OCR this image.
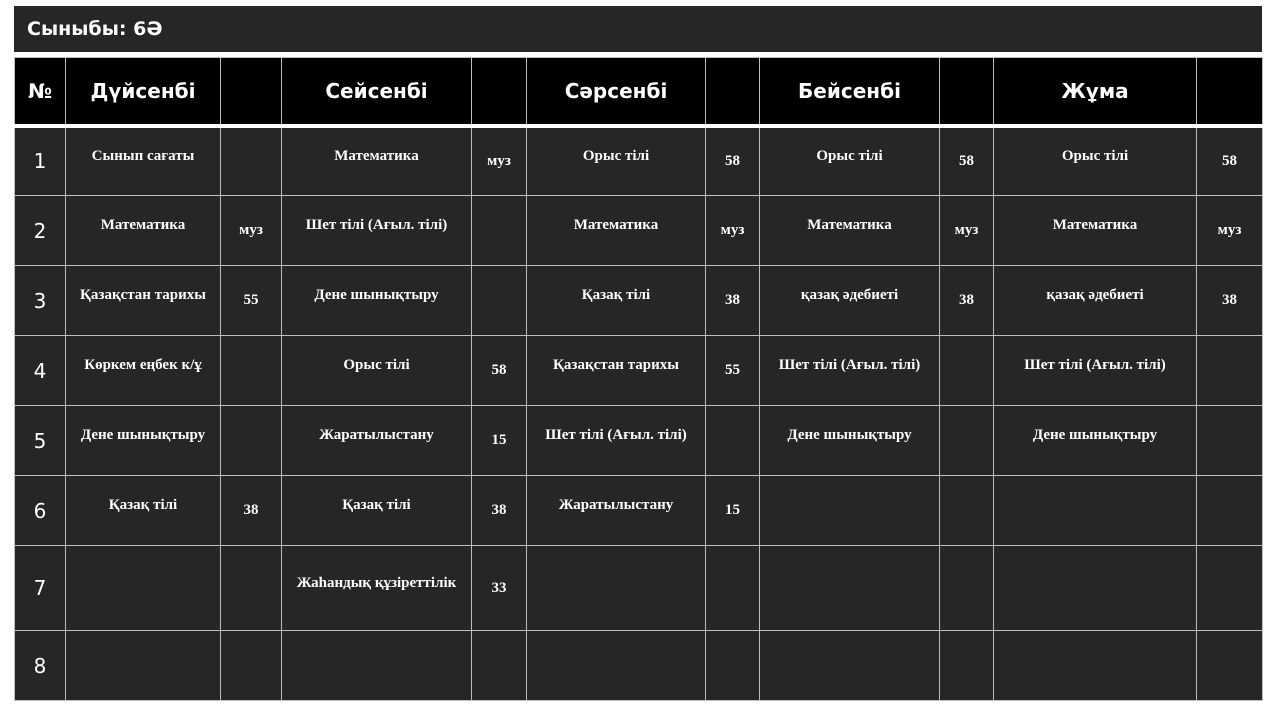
Сыныбы: 6Ә
№	Дүйсенбі		Сейсенбі		Сәрсенбі		Бейсенбі		Жұма	
1	Сынып сағаты		Математика	муз	Орыс тілі	58	Орыс тілі	58	Орыс тілі	58
2	Математика	муз	Шет тілі (Ағыл. тілі)		Математика	муз	Математика	муз	Математика	муз
3	Қазақстан тарихы	55	Дене шынықтыру		Қазақ тілі	38	қазақ әдебиеті	38	қазақ әдебиеті	38
4	Көркем еңбек к/ұ		Орыс тілі	58	Қазақстан тарихы	55	Шет тілі (Ағыл. тілі)		Шет тілі (Ағыл. тілі)	
5	Дене шынықтыру		Жаратылыстану	15	Шет тілі (Ағыл. тілі)		Дене шынықтыру		Дене шынықтыру	
6	Қазақ тілі	38	Қазақ тілі	38	Жаратылыстану	15				
7			Жаһандық құзіреттілік	33						
8										
